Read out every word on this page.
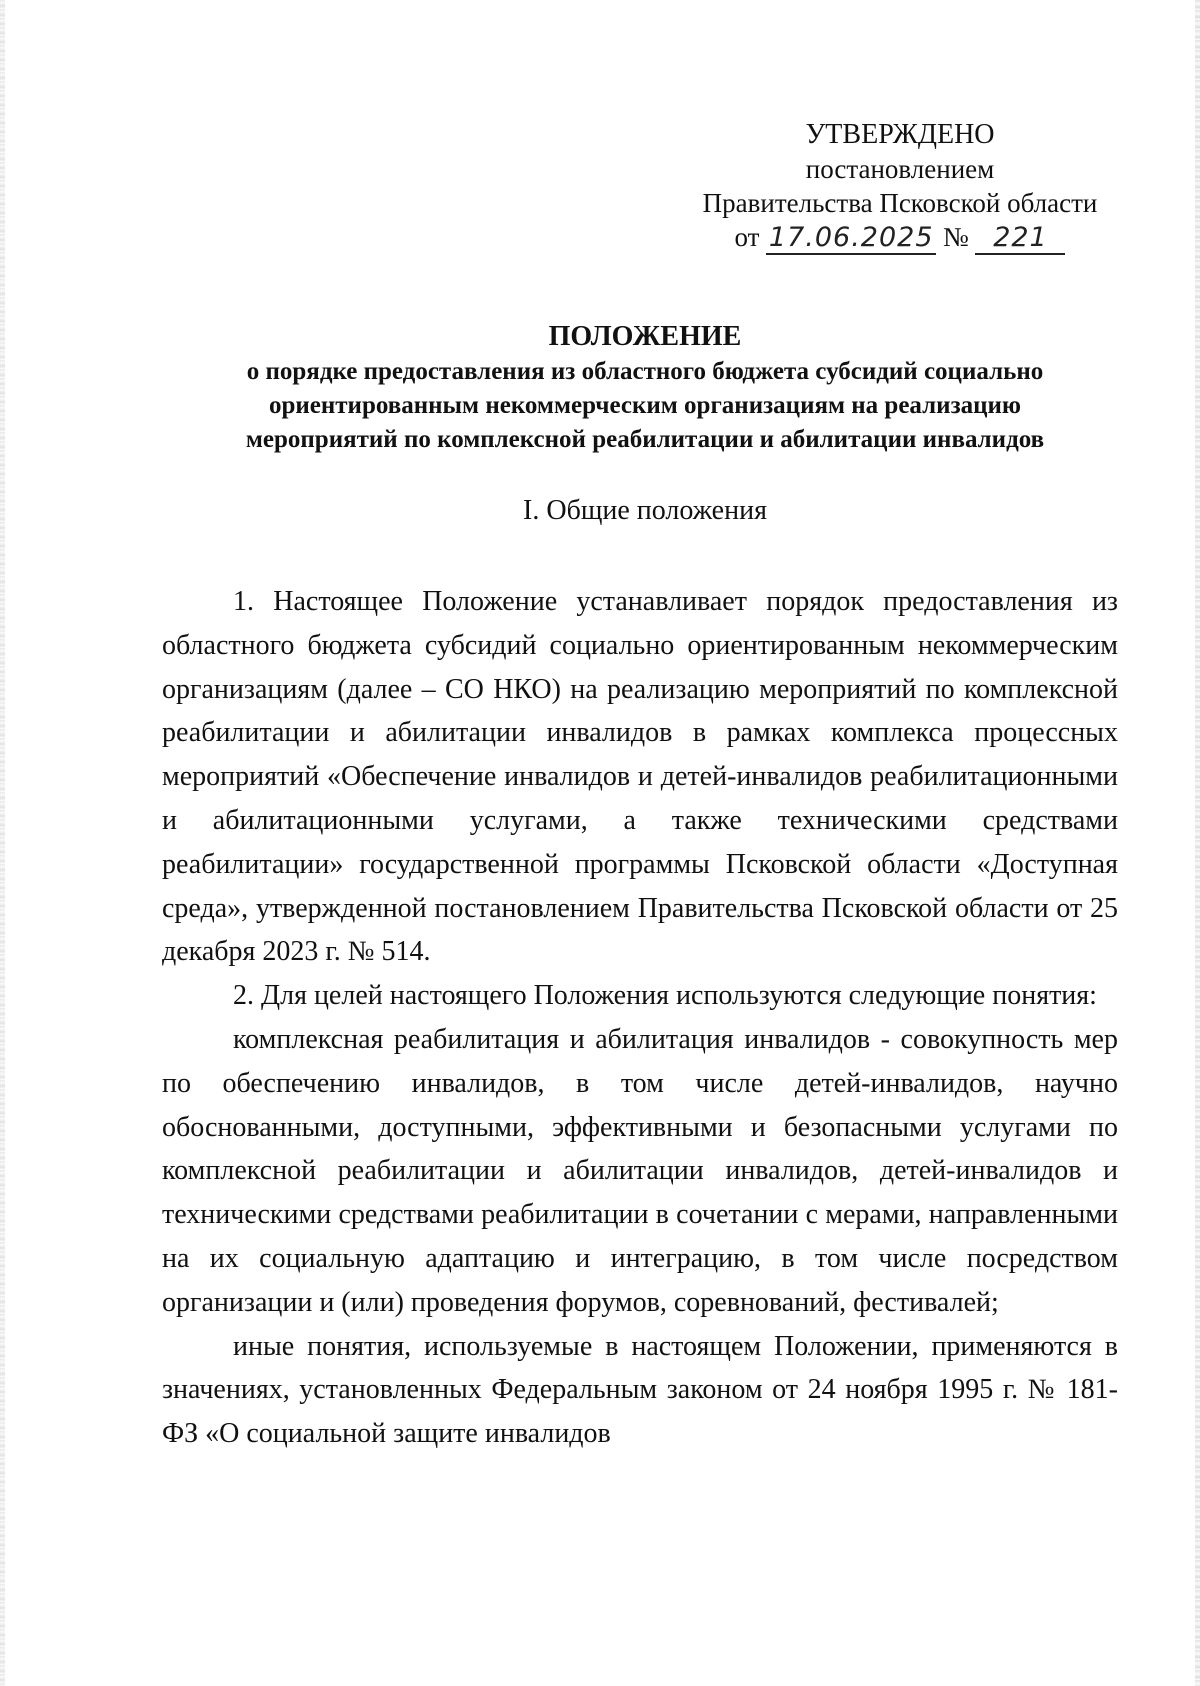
УТВЕРЖДЕНО
постановлением
Правительства Псковской области
от 17.06.2025 № 221
ПОЛОЖЕНИЕ
о порядке предоставления из областного бюджета субсидий социально
ориентированным некоммерческим организациям на реализацию
мероприятий по комплексной реабилитации и абилитации инвалидов
I. Общие положения

1. Настоящее Положение устанавливает порядок предоставления из областного бюджета субсидий социально ориентированным некоммерческим организациям (далее – СО НКО) на реализацию мероприятий по комплексной реабилитации и абилитации инвалидов в рамках комплекса процессных мероприятий «Обеспечение инвалидов и детей-инвалидов реабилитационными и абилитационными услугами, а также техническими средствами реабилитации» государственной программы Псковской области «Доступная среда», утвержденной постановлением Правительства Псковской области от 25 декабря 2023 г. № 514.

2. Для целей настоящего Положения используются следующие понятия:

комплексная реабилитация и абилитация инвалидов - совокупность мер по обеспечению инвалидов, в том числе детей-инвалидов, научно обоснованными, доступными, эффективными и безопасными услугами по комплексной реабилитации и абилитации инвалидов, детей-инвалидов и техническими средствами реабилитации в сочетании с мерами, направленными на их социальную адаптацию и интеграцию, в том числе посредством организации и (или) проведения форумов, соревнований, фестивалей;

иные понятия, используемые в настоящем Положении, применяются в значениях, установленных Федеральным законом от 24 ноября 1995 г. № 181-ФЗ «О социальной защите инвалидов
